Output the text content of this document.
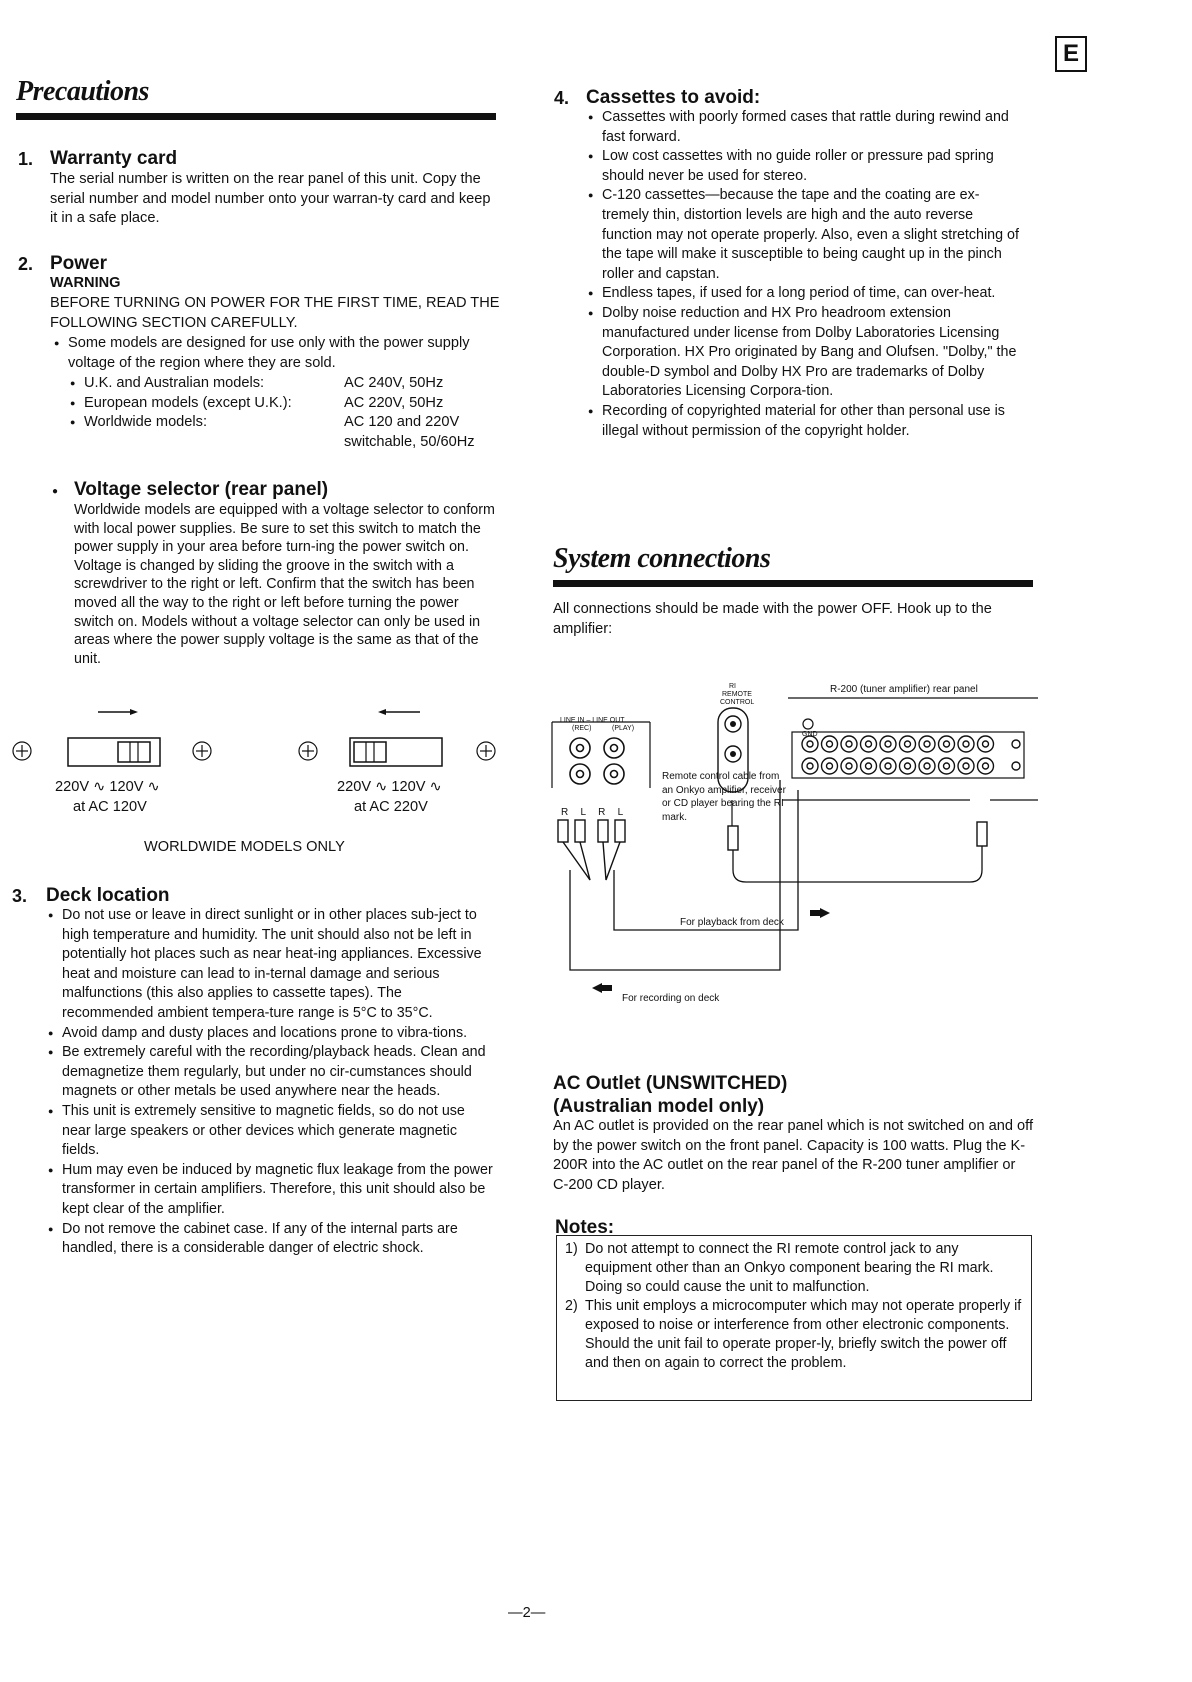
E
Precautions
1. Warranty card
The serial number is written on the rear panel of this unit. Copy the serial number and model number onto your warran-ty card and keep it in a safe place.
2. Power
WARNING
BEFORE TURNING ON POWER FOR THE FIRST TIME, READ THE FOLLOWING SECTION CAREFULLY.
● Some models are designed for use only with the power supply voltage of the region where they are sold.
● U.K. and Australian models:	AC 240V, 50Hz
● European models (except U.K.):	AC 220V, 50Hz
● Worldwide models:	AC 120 and 220V switchable, 50/60Hz
● Voltage selector (rear panel)
Worldwide models are equipped with a voltage selector to conform with local power supplies. Be sure to set this switch to match the power supply in your area before turn-ing the power switch on. Voltage is changed by sliding the groove in the switch with a screwdriver to the right or left. Confirm that the switch has been moved all the way to the right or left before turning the power switch on. Models without a voltage selector can only be used in areas where the power supply voltage is the same as that of the unit.
220V ∿ 120V ∿
at AC 120V
220V ∿ 120V ∿
at AC 220V
WORLDWIDE MODELS ONLY
3. Deck location
● Do not use or leave in direct sunlight or in other places sub-ject to high temperature and humidity. The unit should also not be left in potentially hot places such as near heat-ing appliances. Excessive heat and moisture can lead to in-ternal damage and serious malfunctions (this also applies to cassette tapes). The recommended ambient tempera-ture range is 5°C to 35°C.
● Avoid damp and dusty places and locations prone to vibra-tions.
● Be extremely careful with the recording/playback heads. Clean and demagnetize them regularly, but under no cir-cumstances should magnets or other metals be used anywhere near the heads.
● This unit is extremely sensitive to magnetic fields, so do not use near large speakers or other devices which generate magnetic fields.
● Hum may even be induced by magnetic flux leakage from the power transformer in certain amplifiers. Therefore, this unit should also be kept clear of the amplifier.
● Do not remove the cabinet case. If any of the internal parts are handled, there is a considerable danger of electric shock.
4. Cassettes to avoid:
● Cassettes with poorly formed cases that rattle during rewind and fast forward.
● Low cost cassettes with no guide roller or pressure pad spring should never be used for stereo.
● C-120 cassettes—because the tape and the coating are ex-tremely thin, distortion levels are high and the auto reverse function may not operate properly. Also, even a slight stretching of the tape will make it susceptible to being caught up in the pinch roller and capstan.
● Endless tapes, if used for a long period of time, can over-heat.
● Dolby noise reduction and HX Pro headroom extension manufactured under license from Dolby Laboratories Licensing Corporation. HX Pro originated by Bang and Olufsen. "Dolby," the double-D symbol and Dolby HX Pro are trademarks of Dolby Laboratories Licensing Corpora-tion.
● Recording of copyrighted material for other than personal use is illegal without permission of the copyright holder.
System connections
All connections should be made with the power OFF. Hook up to the amplifier:
RI
REMOTE
CONTROL
R-200 (tuner amplifier) rear panel
LINE IN – LINE OUT
(REC)	(PLAY)
GND
Remote control cable from an Onkyo amplifier, receiver or CD player bearing the RI mark.
R   L   R   L
For playback from deck
For recording on deck
AC Outlet (UNSWITCHED)
(Australian model only)
An AC outlet is provided on the rear panel which is not switched on and off by the power switch on the front panel. Capacity is 100 watts. Plug the K-200R into the AC outlet on the rear panel of the R-200 tuner amplifier or C-200 CD player.
Notes:
1) Do not attempt to connect the RI remote control jack to any equipment other than an Onkyo component bearing the RI mark. Doing so could cause the unit to malfunction.
2) This unit employs a microcomputer which may not operate properly if exposed to noise or interference from other electronic components. Should the unit fail to operate proper-ly, briefly switch the power off and then on again to correct the problem.
—2—
